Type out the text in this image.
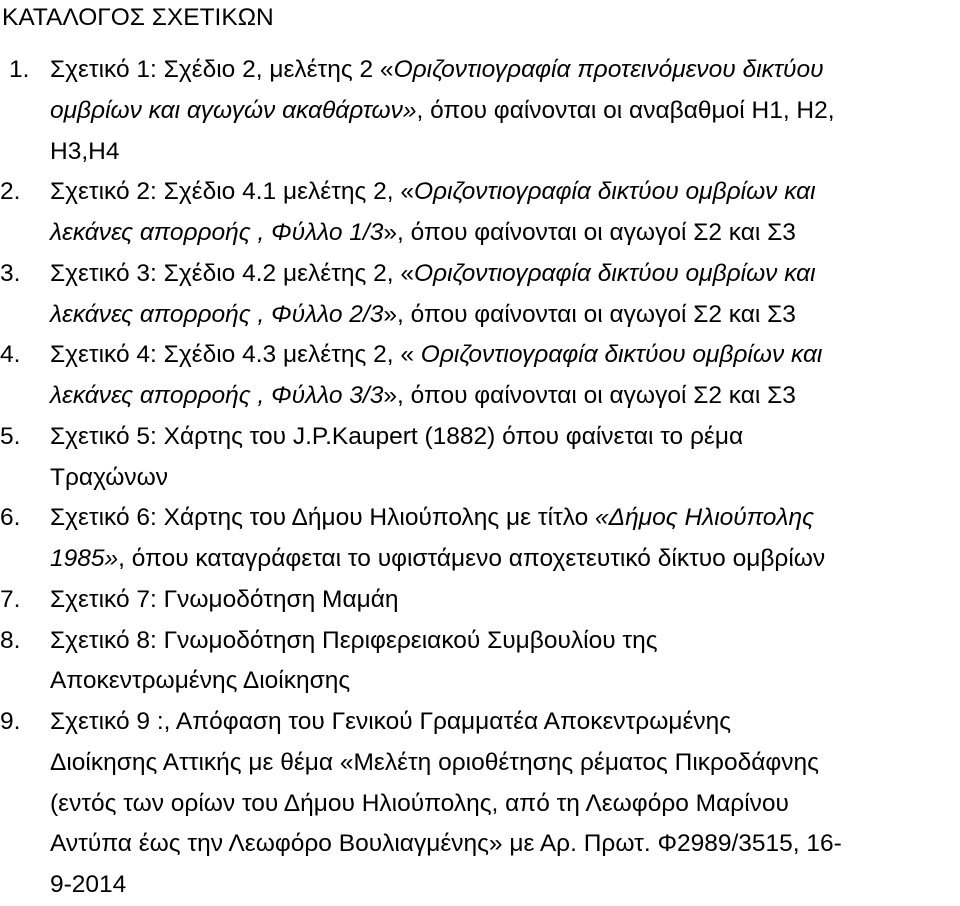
ΚΑΤΑΛΟΓΟΣ ΣΧΕΤΙΚΩΝ
1. Σχετικό 1: Σχέδιο 2, μελέτης 2 «Οριζοντιογραφία προτεινόμενου δικτύου
ομβρίων και αγωγών ακαθάρτων», όπου φαίνονται οι αναβαθμοί Η1, Η2,
Η3,Η4
2.	Σχετικό 2: Σχέδιο 4.1 μελέτης 2, «Οριζοντιογραφία δικτύου ομβρίων και
λεκάνες απορροής , Φύλλο 1/3», όπου φαίνονται οι αγωγοί Σ2 και Σ3
3.	Σχετικό 3: Σχέδιο 4.2 μελέτης 2, «Οριζοντιογραφία δικτύου ομβρίων και
λεκάνες απορροής , Φύλλο 2/3», όπου φαίνονται οι αγωγοί Σ2 και Σ3
4.	Σχετικό 4: Σχέδιο 4.3 μελέτης 2, « Οριζοντιογραφία δικτύου ομβρίων και
λεκάνες απορροής , Φύλλο 3/3», όπου φαίνονται οι αγωγοί Σ2 και Σ3
5.	Σχετικό 5: Χάρτης του J.P.Kaupert (1882) όπου φαίνεται το ρέμα
Τραχώνων
6.	Σχετικό 6: Χάρτης του Δήμου Ηλιούπολης με τίτλο «Δήμος Ηλιούπολης
1985», όπου καταγράφεται το υφιστάμενο αποχετευτικό δίκτυο ομβρίων
7.	Σχετικό 7: Γνωμοδότηση Μαμάη
8.	Σχετικό 8: Γνωμοδότηση Περιφερειακού Συμβουλίου της
Αποκεντρωμένης Διοίκησης
9.	Σχετικό 9 :, Απόφαση του Γενικού Γραμματέα Αποκεντρωμένης
Διοίκησης Αττικής με θέμα «Μελέτη οριοθέτησης ρέματος Πικροδάφνης
(εντός των ορίων του Δήμου Ηλιούπολης, από τη Λεωφόρο Μαρίνου
Αντύπα έως την Λεωφόρο Βουλιαγμένης» με Αρ. Πρωτ. Φ2989/3515, 16-
9-2014
